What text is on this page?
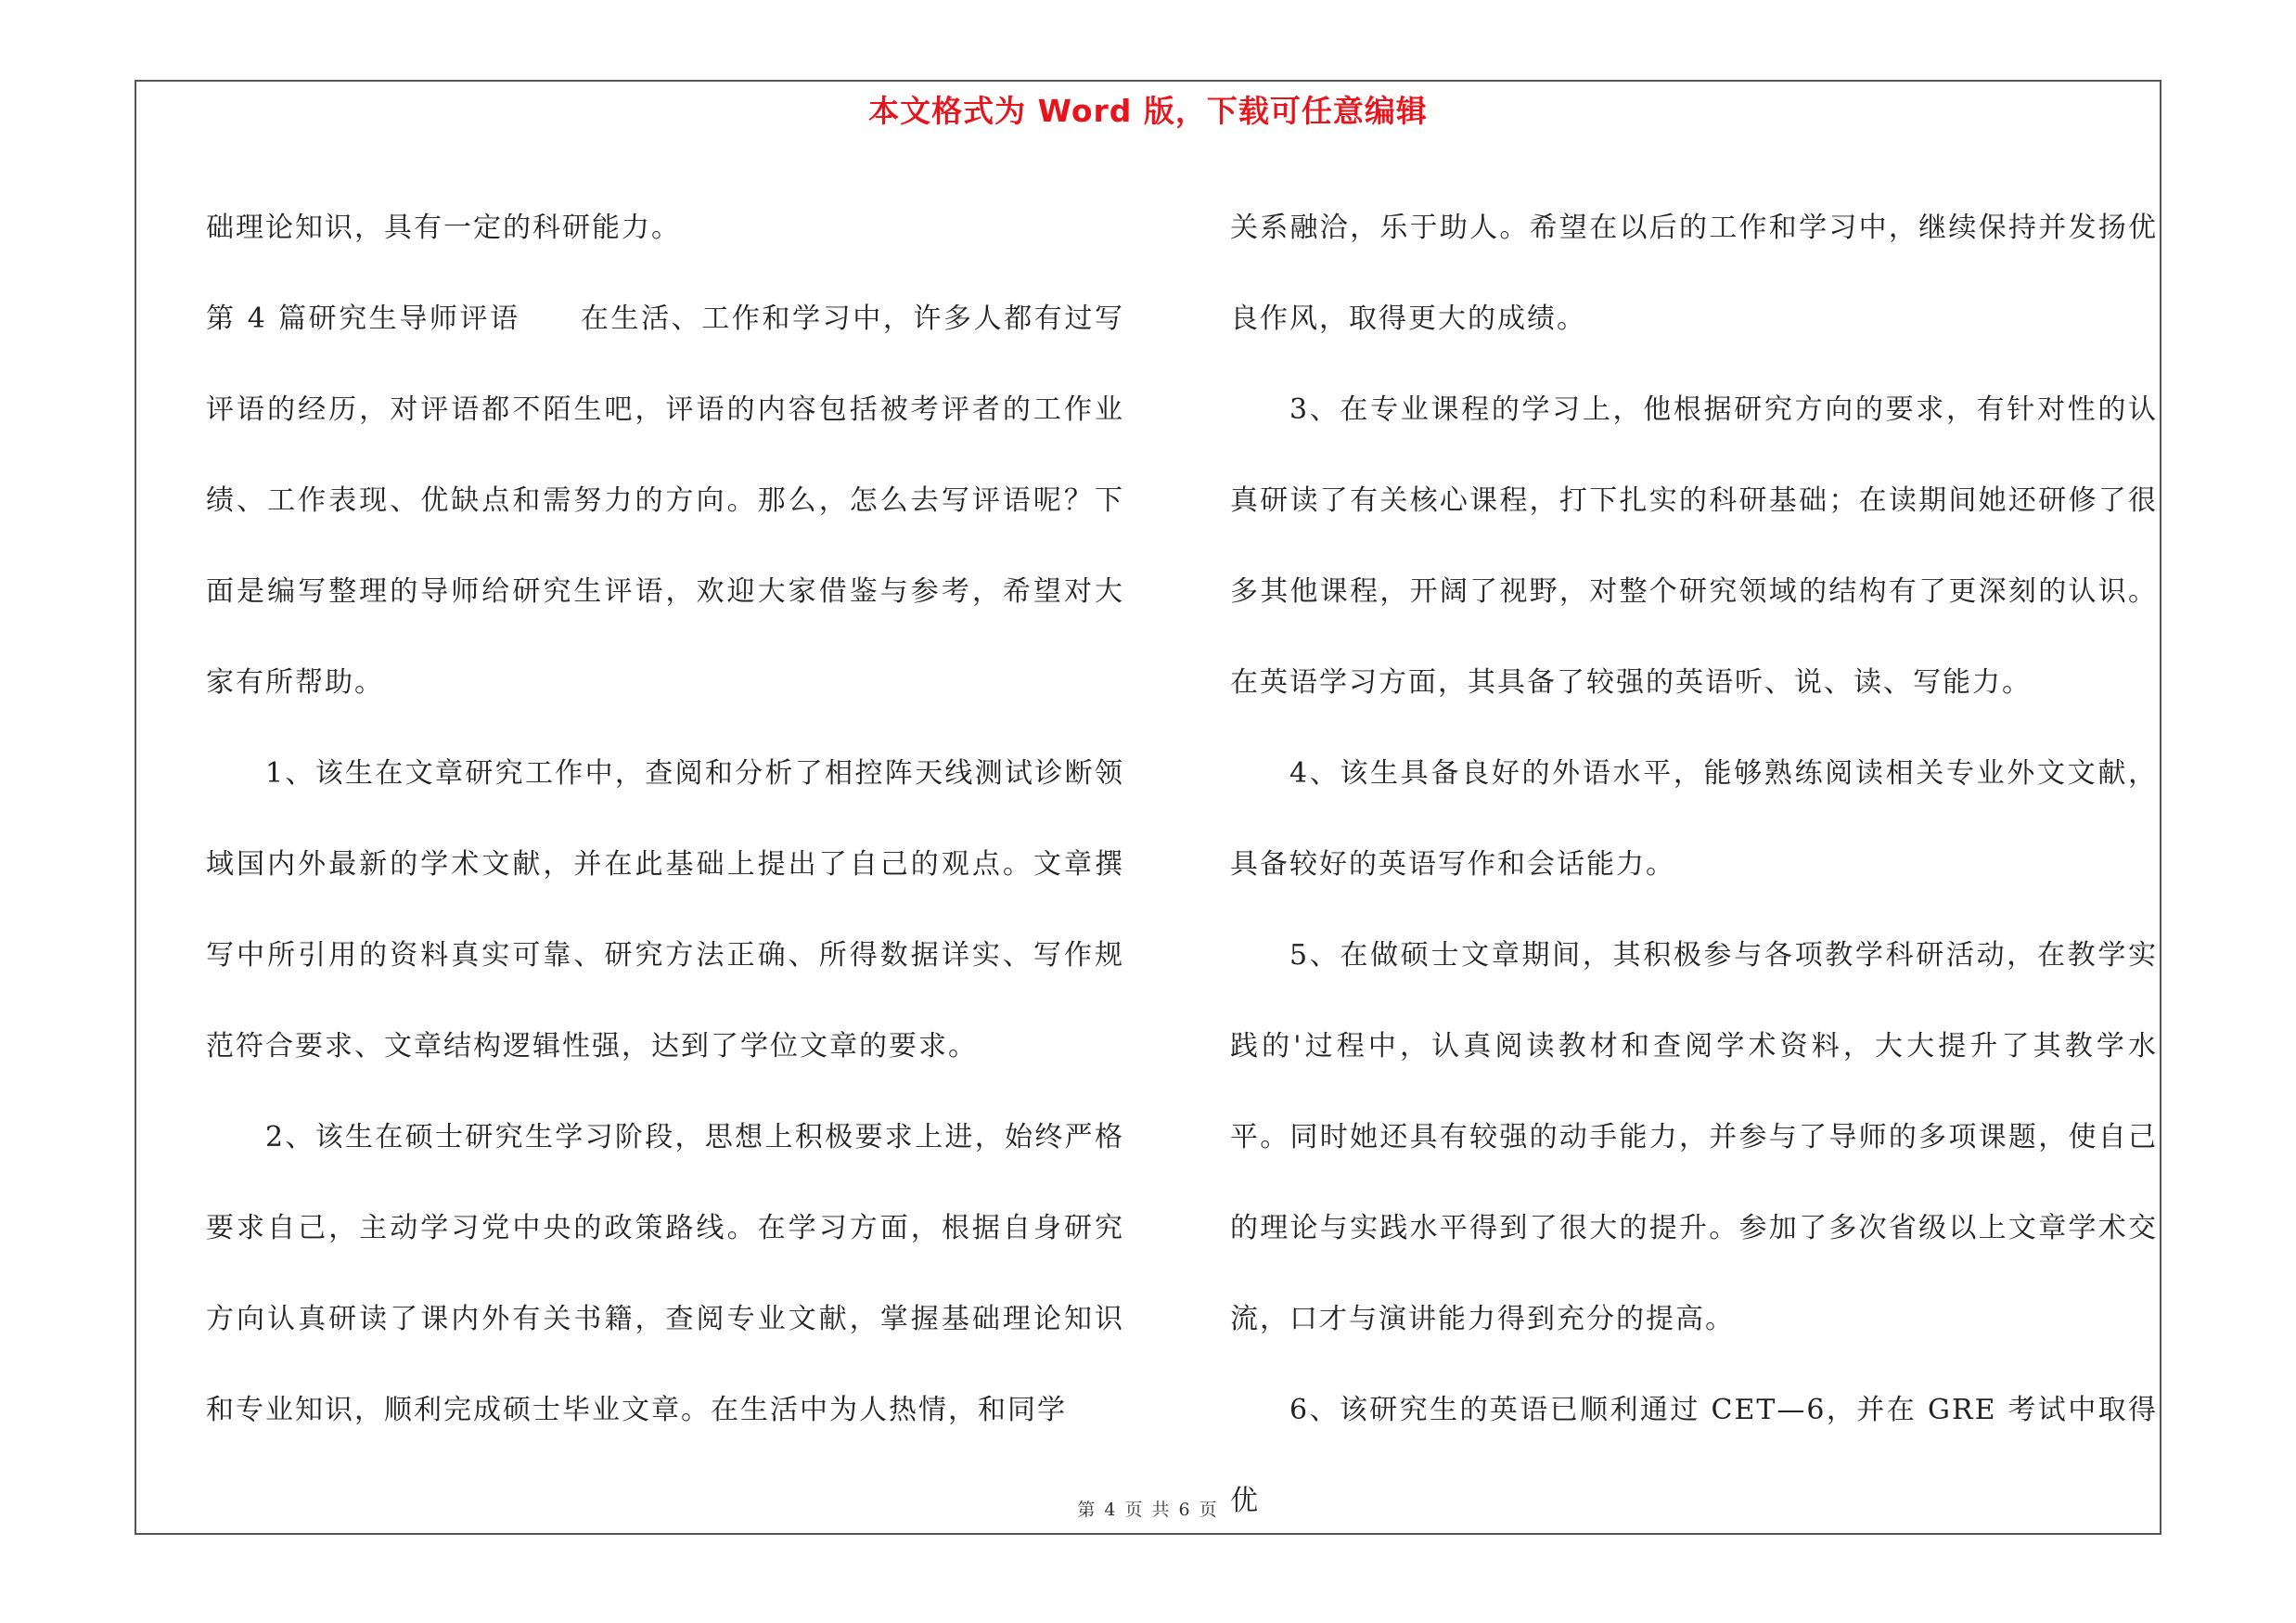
本文格式为 Word 版，下载可任意编辑

础理论知识，具有一定的科研能力。

第 4 篇研究生导师评语　　在生活、工作和学习中，许多人都有过写评语的经历，对评语都不陌生吧，评语的内容包括被考评者的工作业绩、工作表现、优缺点和需努力的方向。那么，怎么去写评语呢？下面是编写整理的导师给研究生评语，欢迎大家借鉴与参考，希望对大家有所帮助。

1、该生在文章研究工作中，查阅和分析了相控阵天线测试诊断领域国内外最新的学术文献，并在此基础上提出了自己的观点。文章撰写中所引用的资料真实可靠、研究方法正确、所得数据详实、写作规范符合要求、文章结构逻辑性强，达到了学位文章的要求。

2、该生在硕士研究生学习阶段，思想上积极要求上进，始终严格要求自己，主动学习党中央的政策路线。在学习方面，根据自身研究方向认真研读了课内外有关书籍，查阅专业文献，掌握基础理论知识和专业知识，顺利完成硕士毕业文章。在生活中为人热情，和同学

关系融洽，乐于助人。希望在以后的工作和学习中，继续保持并发扬优良作风，取得更大的成绩。

3、在专业课程的学习上，他根据研究方向的要求，有针对性的认真研读了有关核心课程，打下扎实的科研基础；在读期间她还研修了很多其他课程，开阔了视野，对整个研究领域的结构有了更深刻的认识。在英语学习方面，其具备了较强的英语听、说、读、写能力。

4、该生具备良好的外语水平，能够熟练阅读相关专业外文文献，具备较好的英语写作和会话能力。

5、在做硕士文章期间，其积极参与各项教学科研活动，在教学实践的'过程中，认真阅读教材和查阅学术资料，大大提升了其教学水平。同时她还具有较强的动手能力，并参与了导师的多项课题，使自己的理论与实践水平得到了很大的提升。参加了多次省级以上文章学术交流，口才与演讲能力得到充分的提高。

6、该研究生的英语已顺利通过 CET—6，并在 GRE 考试中取得优

第 4 页 共 6 页
